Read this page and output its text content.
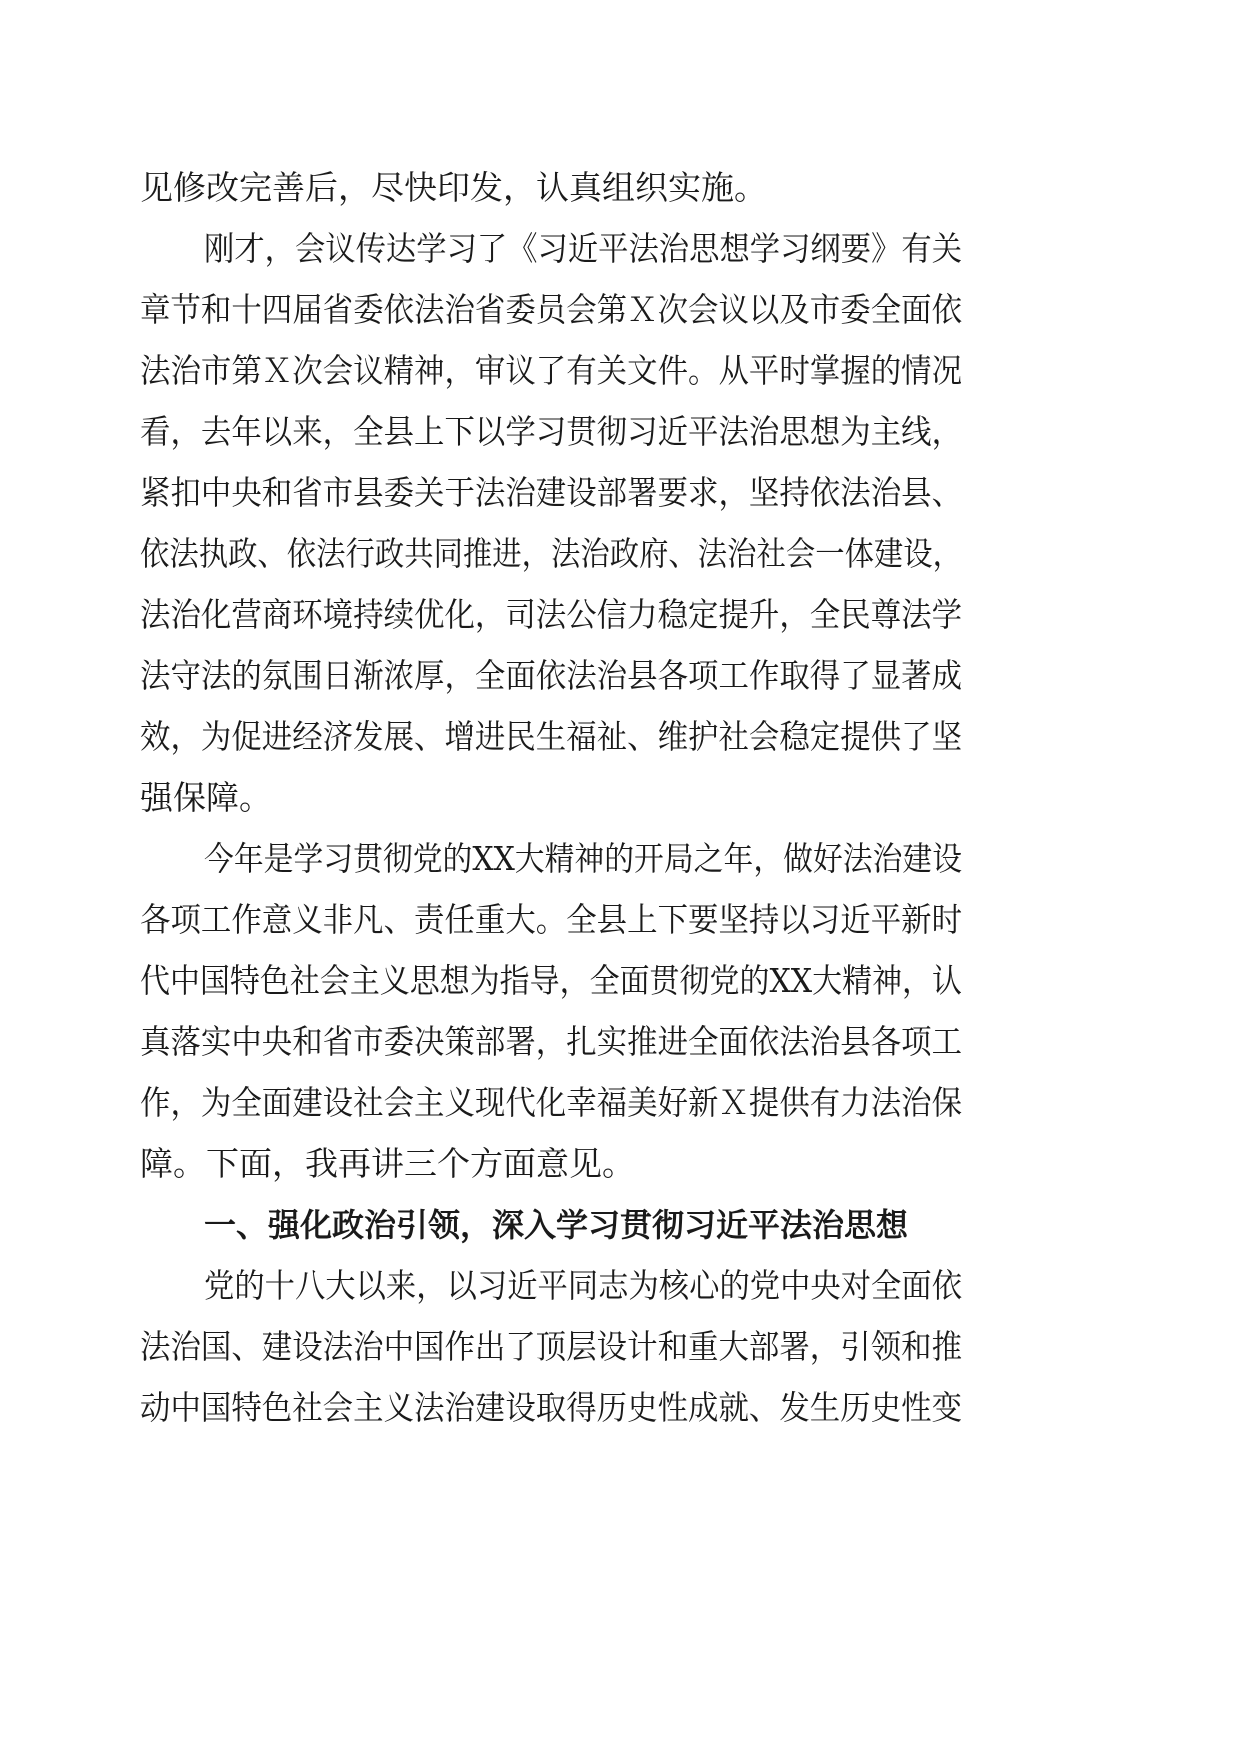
见修改完善后，尽快印发，认真组织实施。
刚才，会议传达学习了《习近平法治思想学习纲要》有关
章节和十四届省委依法治省委员会第Ｘ次会议以及市委全面依
法治市第Ｘ次会议精神，审议了有关文件。从平时掌握的情况
看，去年以来，全县上下以学习贯彻习近平法治思想为主线，
紧扣中央和省市县委关于法治建设部署要求，坚持依法治县、
依法执政、依法行政共同推进，法治政府、法治社会一体建设，
法治化营商环境持续优化，司法公信力稳定提升，全民尊法学
法守法的氛围日渐浓厚，全面依法治县各项工作取得了显著成
效，为促进经济发展、增进民生福祉、维护社会稳定提供了坚
强保障。
今年是学习贯彻党的XX大精神的开局之年，做好法治建设
各项工作意义非凡、责任重大。全县上下要坚持以习近平新时
代中国特色社会主义思想为指导，全面贯彻党的XX大精神，认
真落实中央和省市委决策部署，扎实推进全面依法治县各项工
作，为全面建设社会主义现代化幸福美好新Ｘ提供有力法治保
障。下面，我再讲三个方面意见。
一、强化政治引领，深入学习贯彻习近平法治思想
党的十八大以来，以习近平同志为核心的党中央对全面依
法治国、建设法治中国作出了顶层设计和重大部署，引领和推
动中国特色社会主义法治建设取得历史性成就、发生历史性变
